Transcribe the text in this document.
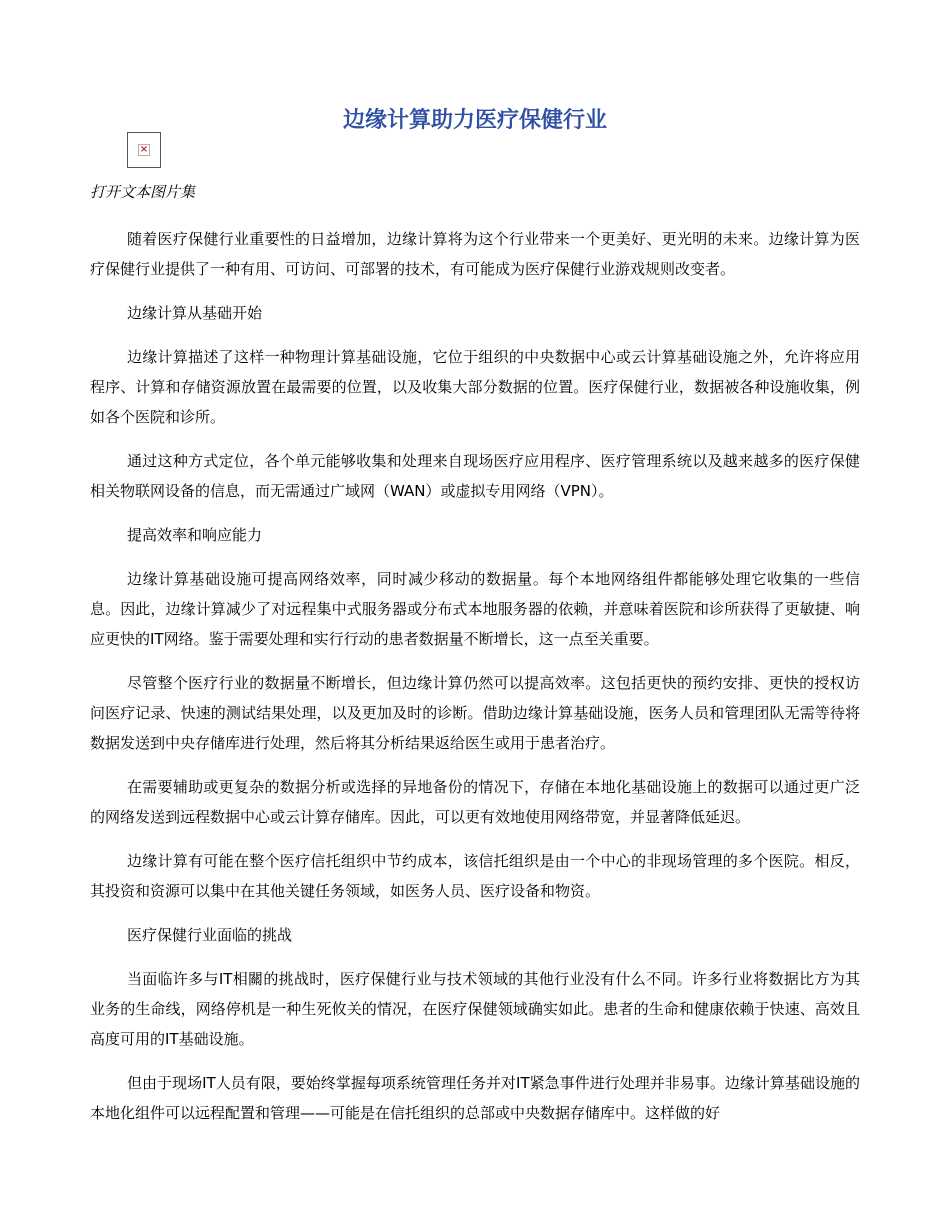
边缘计算助力医疗保健行业
×
打开文本图片集

随着医疗保健行业重要性的日益增加，边缘计算将为这个行业带来一个更美好、更光明的未来。边缘计算为医疗保健行业提供了一种有用、可访问、可部署的技术，有可能成为医疗保健行业游戏规则改变者。

边缘计算从基础开始

边缘计算描述了这样一种物理计算基础设施，它位于组织的中央数据中心或云计算基础设施之外，允许将应用程序、计算和存储资源放置在最需要的位置，以及收集大部分数据的位置。医疗保健行业，数据被各种设施收集，例如各个医院和诊所。

通过这种方式定位，各个单元能够收集和处理来自现场医疗应用程序、医疗管理系统以及越来越多的医疗保健相关物联网设备的信息，而无需通过广域网（WAN）或虚拟专用网络（VPN）。

提高效率和响应能力

边缘计算基础设施可提高网络效率，同时减少移动的数据量。每个本地网络组件都能够处理它收集的一些信息。因此，边缘计算减少了对远程集中式服务器或分布式本地服务器的依赖，并意味着医院和诊所获得了更敏捷、响应更快的IT网络。鉴于需要处理和实行行动的患者数据量不断增长，这一点至关重要。

尽管整个医疗行业的数据量不断增长，但边缘计算仍然可以提高效率。这包括更快的预约安排、更快的授权访问医疗记录、快速的测试结果处理，以及更加及时的诊断。借助边缘计算基础设施，医务人员和管理团队无需等待将数据发送到中央存储库进行处理，然后将其分析结果返给医生或用于患者治疗。

在需要辅助或更复杂的数据分析或选择的异地备份的情况下，存储在本地化基础设施上的数据可以通过更广泛的网络发送到远程数据中心或云计算存储库。因此，可以更有效地使用网络带宽，并显著降低延迟。

边缘计算有可能在整个医疗信托组织中节约成本，该信托组织是由一个中心的非现场管理的多个医院。相反，其投资和资源可以集中在其他关键任务领域，如医务人员、医疗设备和物资。

医疗保健行业面临的挑战

当面临许多与IT相關的挑战时，医疗保健行业与技术领域的其他行业没有什么不同。许多行业将数据比方为其业务的生命线，网络停机是一种生死攸关的情况，在医疗保健领域确实如此。患者的生命和健康依赖于快速、高效且高度可用的IT基础设施。

但由于现场IT人员有限，要始终掌握每项系统管理任务并对IT紧急事件进行处理并非易事。边缘计算基础设施的本地化组件可以远程配置和管理——可能是在信托组织的总部或中央数据存储库中。这样做的好
